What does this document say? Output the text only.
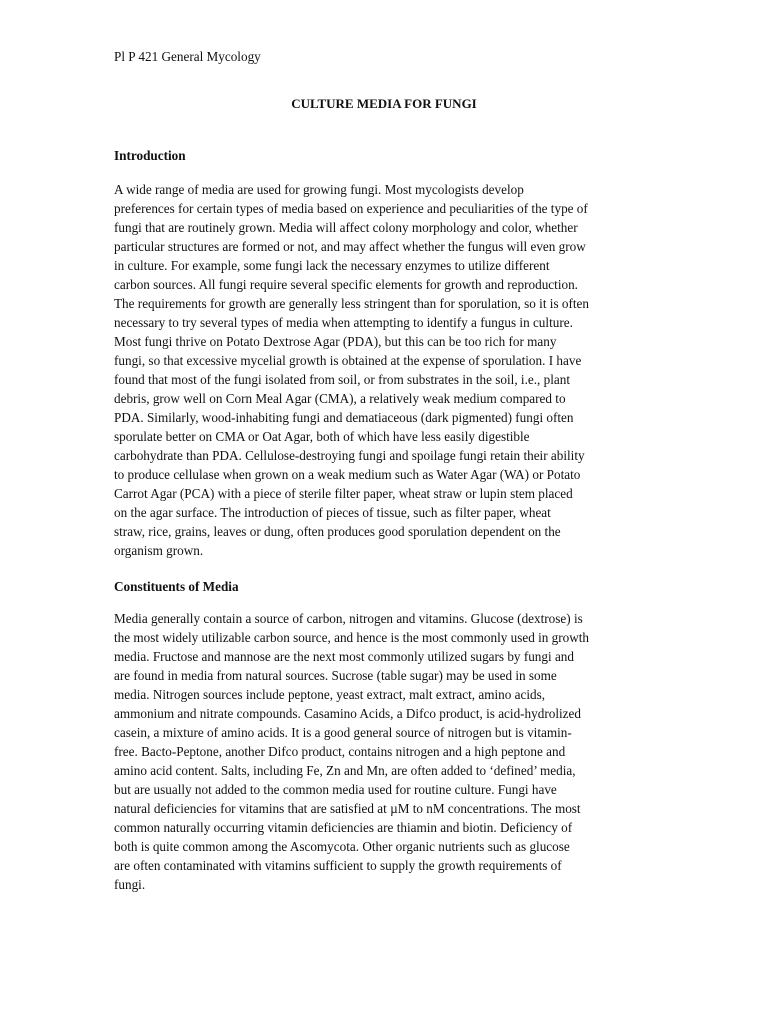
Pl P 421 General Mycology

CULTURE MEDIA FOR FUNGI

Introduction
A wide range of media are used for growing fungi. Most mycologists develop
preferences for certain types of media based on experience and peculiarities of the type of
fungi that are routinely grown. Media will affect colony morphology and color, whether
particular structures are formed or not, and may affect whether the fungus will even grow
in culture. For example, some fungi lack the necessary enzymes to utilize different
carbon sources. All fungi require several specific elements for growth and reproduction.
The requirements for growth are generally less stringent than for sporulation, so it is often
necessary to try several types of media when attempting to identify a fungus in culture.
Most fungi thrive on Potato Dextrose Agar (PDA), but this can be too rich for many
fungi, so that excessive mycelial growth is obtained at the expense of sporulation. I have
found that most of the fungi isolated from soil, or from substrates in the soil, i.e., plant
debris, grow well on Corn Meal Agar (CMA), a relatively weak medium compared to
PDA. Similarly, wood-inhabiting fungi and dematiaceous (dark pigmented) fungi often
sporulate better on CMA or Oat Agar, both of which have less easily digestible
carbohydrate than PDA. Cellulose-destroying fungi and spoilage fungi retain their ability
to produce cellulase when grown on a weak medium such as Water Agar (WA) or Potato
Carrot Agar (PCA) with a piece of sterile filter paper, wheat straw or lupin stem placed
on the agar surface. The introduction of pieces of tissue, such as filter paper, wheat
straw, rice, grains, leaves or dung, often produces good sporulation dependent on the
organism grown.
Constituents of Media
Media generally contain a source of carbon, nitrogen and vitamins. Glucose (dextrose) is
the most widely utilizable carbon source, and hence is the most commonly used in growth
media. Fructose and mannose are the next most commonly utilized sugars by fungi and
are found in media from natural sources. Sucrose (table sugar) may be used in some
media. Nitrogen sources include peptone, yeast extract, malt extract, amino acids,
ammonium and nitrate compounds. Casamino Acids, a Difco product, is acid-hydrolized
casein, a mixture of amino acids. It is a good general source of nitrogen but is vitamin-
free. Bacto-Peptone, another Difco product, contains nitrogen and a high peptone and
amino acid content. Salts, including Fe, Zn and Mn, are often added to ‘defined’ media,
but are usually not added to the common media used for routine culture. Fungi have
natural deficiencies for vitamins that are satisfied at µM to nM concentrations. The most
common naturally occurring vitamin deficiencies are thiamin and biotin. Deficiency of
both is quite common among the Ascomycota. Other organic nutrients such as glucose
are often contaminated with vitamins sufficient to supply the growth requirements of
fungi.
